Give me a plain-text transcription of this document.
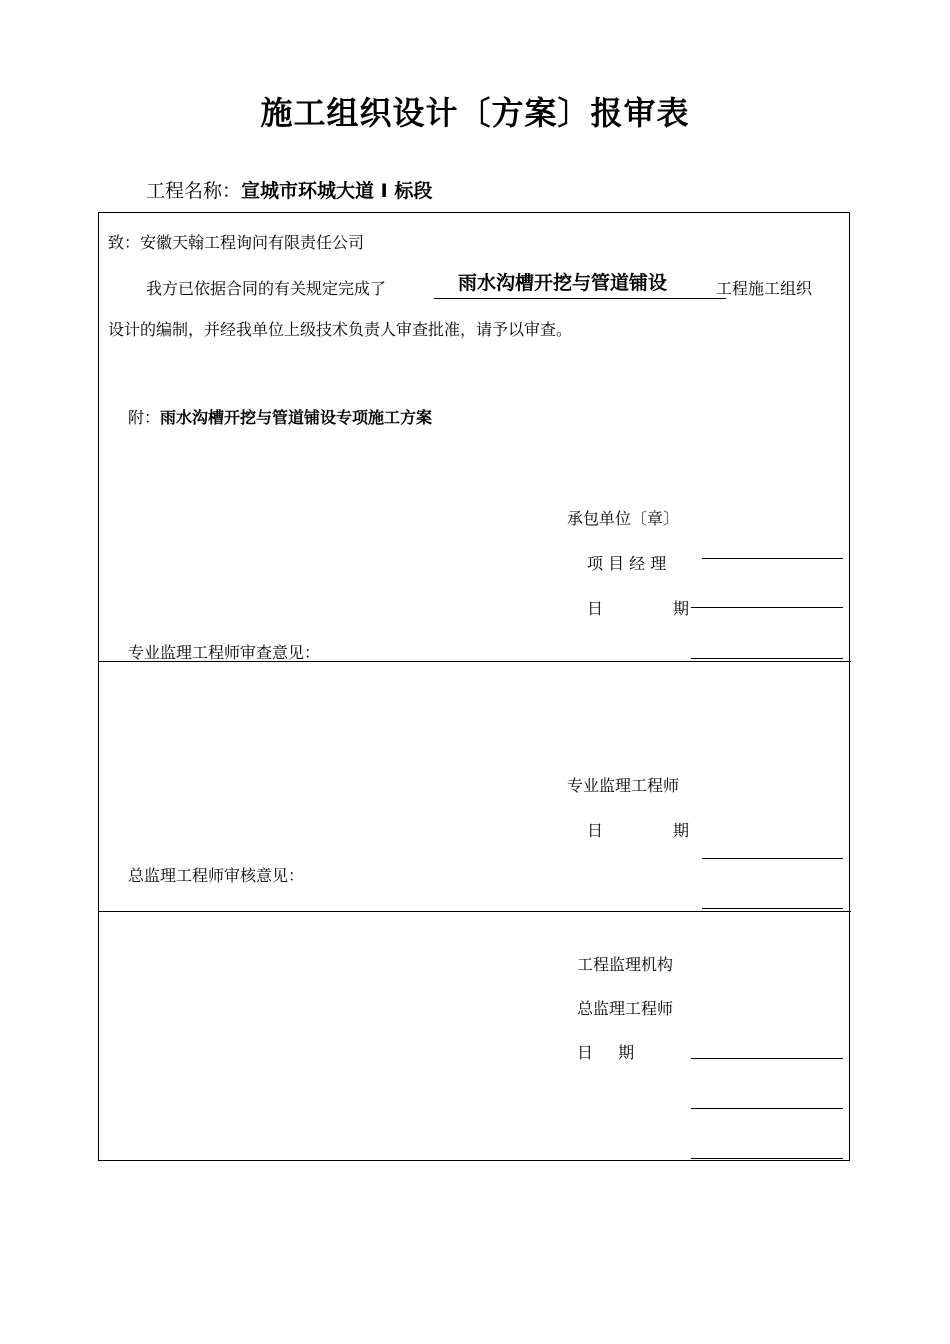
施工组织设计〔方案〕报审表
工程名称：宣城市环城大道 Ⅰ 标段
致：安徽天翰工程询问有限责任公司
我方已依据合同的有关规定完成了	雨水沟槽开挖与管道铺设	工程施工组织
设计的编制，并经我单位上级技术负责人审查批准，请予以审查。
附：雨水沟槽开挖与管道铺设专项施工方案
承包单位〔章〕
项 目 经 理
日	期
专业监理工程师审查意见：
专业监理工程师
日	期
总监理工程师审核意见：
工程监理机构
总监理工程师
日 期
